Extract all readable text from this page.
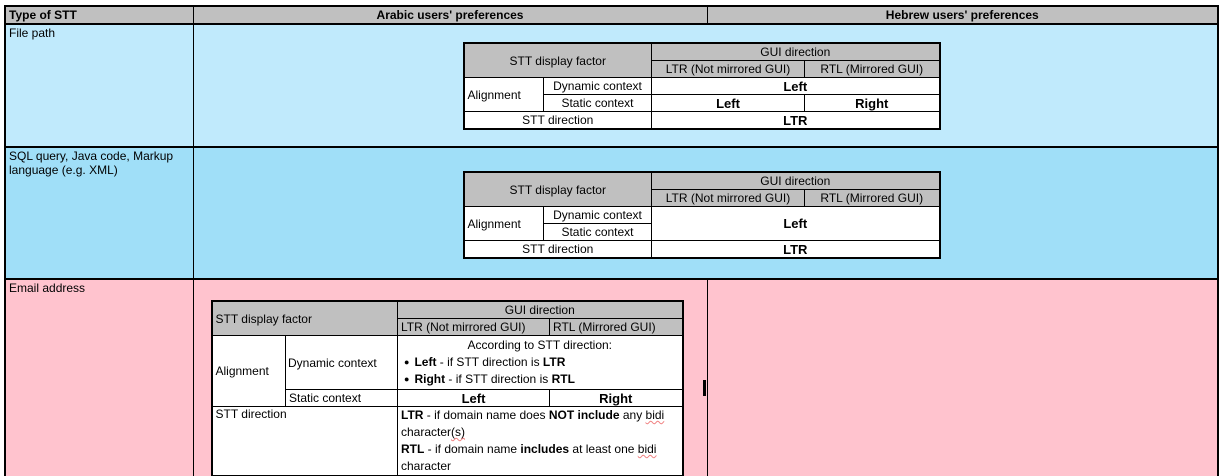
Type of STT	Arabic users' preferences	Hebrew users' preferences
File path	
STT display factor	GUI direction
LTR (Not mirrored GUI)	RTL (Mirrored GUI)
Alignment	Dynamic context	Left
Static context	Left	Right
STT direction	LTR

SQL query, Java code, Markup language (e.g. XML)	
STT display factor	GUI direction
LTR (Not mirrored GUI)	RTL (Mirrored GUI)
Alignment	Dynamic context	Left
Static context
STT direction	LTR

Email address	
STT display factor	GUI direction
LTR (Not mirrored GUI)	RTL (Mirrored GUI)
Alignment	Dynamic context	
According to STT direction:
● Left - if STT direction is LTR
● Right - if STT direction is RTL

Static context	Left	Right
STT direction	LTR - if domain name does NOT include any bidi character(s)
RTL - if domain name includes at least one bidi character
